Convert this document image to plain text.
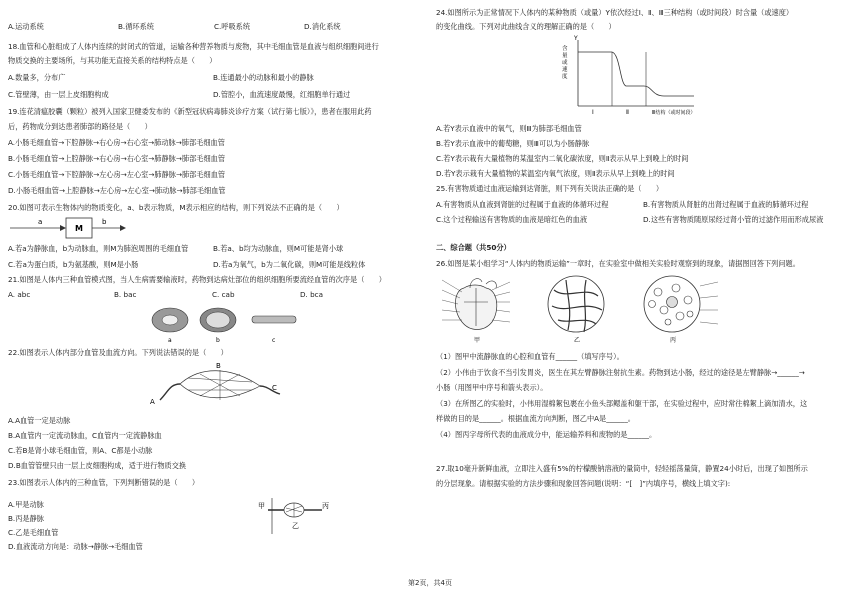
A.运动系统	B.循环系统	C.呼吸系统	D.消化系统
18.血管和心脏组成了人体内连续的封闭式的管道，运输各种营养物质与废物，其中毛细血管是血液与组织细胞间进行
物质交换的主要场所，与其功能无直接关系的结构特点是（　　）
A.数量多，分布广	B.连通最小的动脉和最小的静脉
C.管壁薄，由一层上皮细胞构成	D.管腔小，血流速度最慢，红细胞单行通过
19.连花清瘟胶囊（颗粒）被列入国家卫健委发布的《新型冠状病毒肺炎诊疗方案（试行第七版）》，患者在服用此药
后，药物成分到达患者肺部的路径是（　　）
A.小肠毛细血管→下腔静脉→右心房→右心室→肺动脉→肺部毛细血管
B.小肠毛细血管→上腔静脉→右心房→右心室→肺静脉→肺部毛细血管
C.小肠毛细血管→下腔静脉→左心房→左心室→肺静脉→肺部毛细血管
D.小肠毛细血管→上腔静脉→左心房→左心室→肺动脉→肺部毛细血管
20.如图可表示生物体内的物质变化，a、b表示物质，M表示相应的结构，则下列说法不正确的是（　　）
a
M
b
A.若a为静脉血，b为动脉血，则M为肺泡周围的毛细血管	B.若a、b均为动脉血，则M可能是肾小球
C.若a为蛋白质，b为氨基酸，则M是小肠	D.若a为氧气，b为二氧化碳，则M可能是线粒体
21.如图是人体内三种血管模式图，当人生病需要输液时，药物到达病灶部位的组织细胞所要流经血管的次序是（　　）
A. abc	B. bac	C. cab	D. bca
a	b	c
22.如图表示人体内部分血管及血流方向。下列说法错误的是（　　）
A
B
C
A.A血管一定是动脉
B.A血管内一定流动脉血，C血管内一定流静脉血
C.若B是肾小球毛细血管，则A、C都是小动脉
D.B血管管壁只由一层上皮细胞构成，适于进行物质交换
23.如图表示人体内的三种血管，下列判断错误的是（　　）
甲	丙
乙
A.甲是动脉
B.丙是静脉
C.乙是毛细血管
D.血液流动方向是：动脉→静脉→毛细血管
24.如图所示为正常情况下人体内的某种物质（或量）Y依次经过Ⅰ、Ⅱ、Ⅲ三种结构（或时间段）时含量（或速度）
的变化曲线。下列对此曲线含义的理解正确的是（　　）
Y
含
量
或
速
度
Ⅰ	Ⅱ	Ⅲ结构（或时间段）
A.若Y表示血液中的氧气，则Ⅲ为肺部毛细血管
B.若Y表示血液中的葡萄糖，则Ⅲ可以为小肠静脉
C.若Y表示栽有大量植物的某温室内二氧化碳浓度，则Ⅱ表示从早上到晚上的时间
D.若Y表示栽有大量植物的某温室内氧气浓度，则Ⅱ表示从早上到晚上的时间
25.有害物质通过血液运输到达肾脏，则下列有关说法正确的是（　　）
A.有害物质从血液到肾脏的过程属于血液的体循环过程	B.有害物质从肾脏的出肾过程属于血液的肺循环过程
C.这个过程输送有害物质的血液是暗红色的血液	D.这些有害物质随原尿经过肾小管的过滤作用而形成尿液
二、综合题（共50分）
26.如图是某小组学习“人体内的物质运输”一章时，在实验室中做相关实验时观察到的现象，请据图回答下列问题。
甲	乙	丙
（1）图甲中流静脉血的心腔和血管有______（填写序号）。
（2）小伟由于饮食不当引发胃炎，医生在其左臂静脉注射抗生素。药物到达小肠，经过的途径是左臂静脉→______→
小肠（用图甲中序号和箭头表示）。
（3）在所图乙的实验时，小伟用湿棉絮包裹在小鱼头部鳃盖和躯干部，在实验过程中，应时常往棉絮上滴加清水，这
样做的目的是______。根据血流方向判断，图乙中A是______。
（4）图丙字母所代表的血液成分中，能运输养料和废物的是______。
27.取10毫升新鲜血液，立即注入盛有5%的柠檬酸钠溶液的量筒中，轻轻摇荡量筒，静置24小时后，出现了如图所示
的分层现象。请根据实验的方法步骤和现象回答问题(说明：“[　]”内填序号，横线上填文字):
第2页，共4页
